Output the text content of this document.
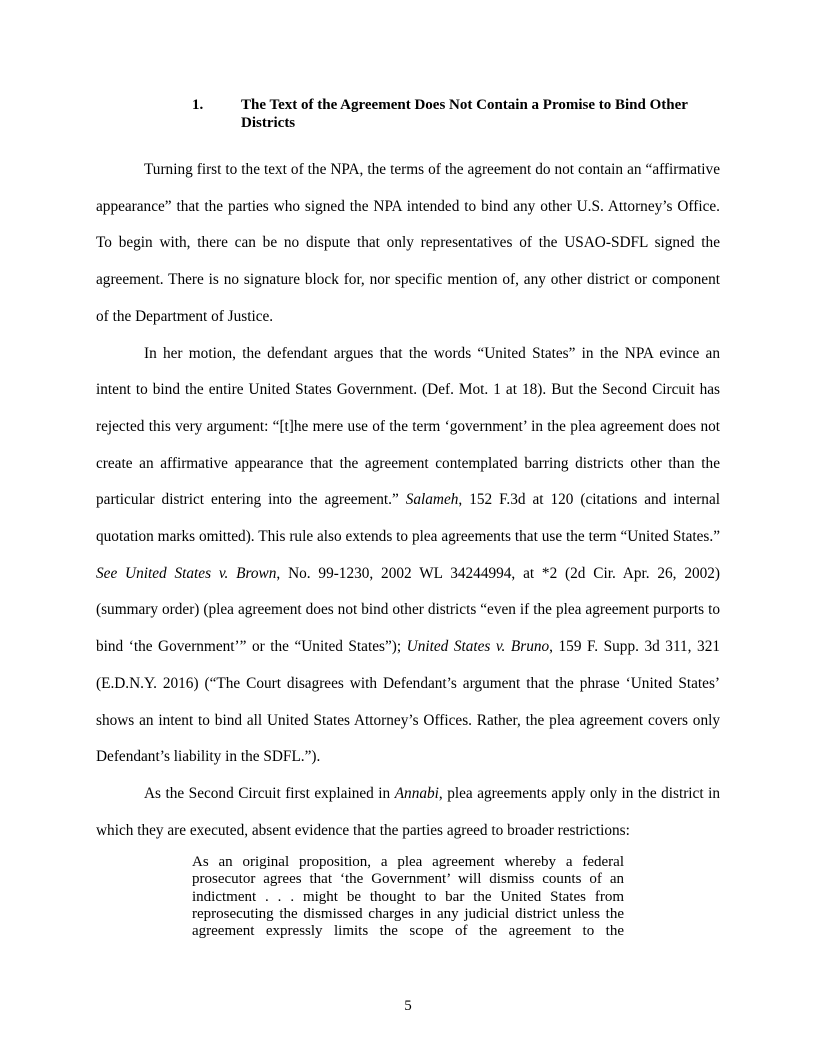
1.	The Text of the Agreement Does Not Contain a Promise to Bind Other Districts

Turning first to the text of the NPA, the terms of the agreement do not contain an “affirmative appearance” that the parties who signed the NPA intended to bind any other U.S. Attorney’s Office. To begin with, there can be no dispute that only representatives of the USAO-SDFL signed the agreement. There is no signature block for, nor specific mention of, any other district or component of the Department of Justice.

In her motion, the defendant argues that the words “United States” in the NPA evince an intent to bind the entire United States Government. (Def. Mot. 1 at 18). But the Second Circuit has rejected this very argument: “[t]he mere use of the term ‘government’ in the plea agreement does not create an affirmative appearance that the agreement contemplated barring districts other than the particular district entering into the agreement.” Salameh, 152 F.3d at 120 (citations and internal quotation marks omitted). This rule also extends to plea agreements that use the term “United States.” See United States v. Brown, No. 99-1230, 2002 WL 34244994, at *2 (2d Cir. Apr. 26, 2002) (summary order) (plea agreement does not bind other districts “even if the plea agreement purports to bind ‘the Government’” or the “United States”); United States v. Bruno, 159 F. Supp. 3d 311, 321 (E.D.N.Y. 2016) (“The Court disagrees with Defendant’s argument that the phrase ‘United States’ shows an intent to bind all United States Attorney’s Offices. Rather, the plea agreement covers only Defendant’s liability in the SDFL.”).

As the Second Circuit first explained in Annabi, plea agreements apply only in the district in which they are executed, absent evidence that the parties agreed to broader restrictions:

As an original proposition, a plea agreement whereby a federal prosecutor agrees that ‘the Government’ will dismiss counts of an indictment . . . might be thought to bar the United States from reprosecuting the dismissed charges in any judicial district unless the agreement expressly limits the scope of the agreement to the

5
